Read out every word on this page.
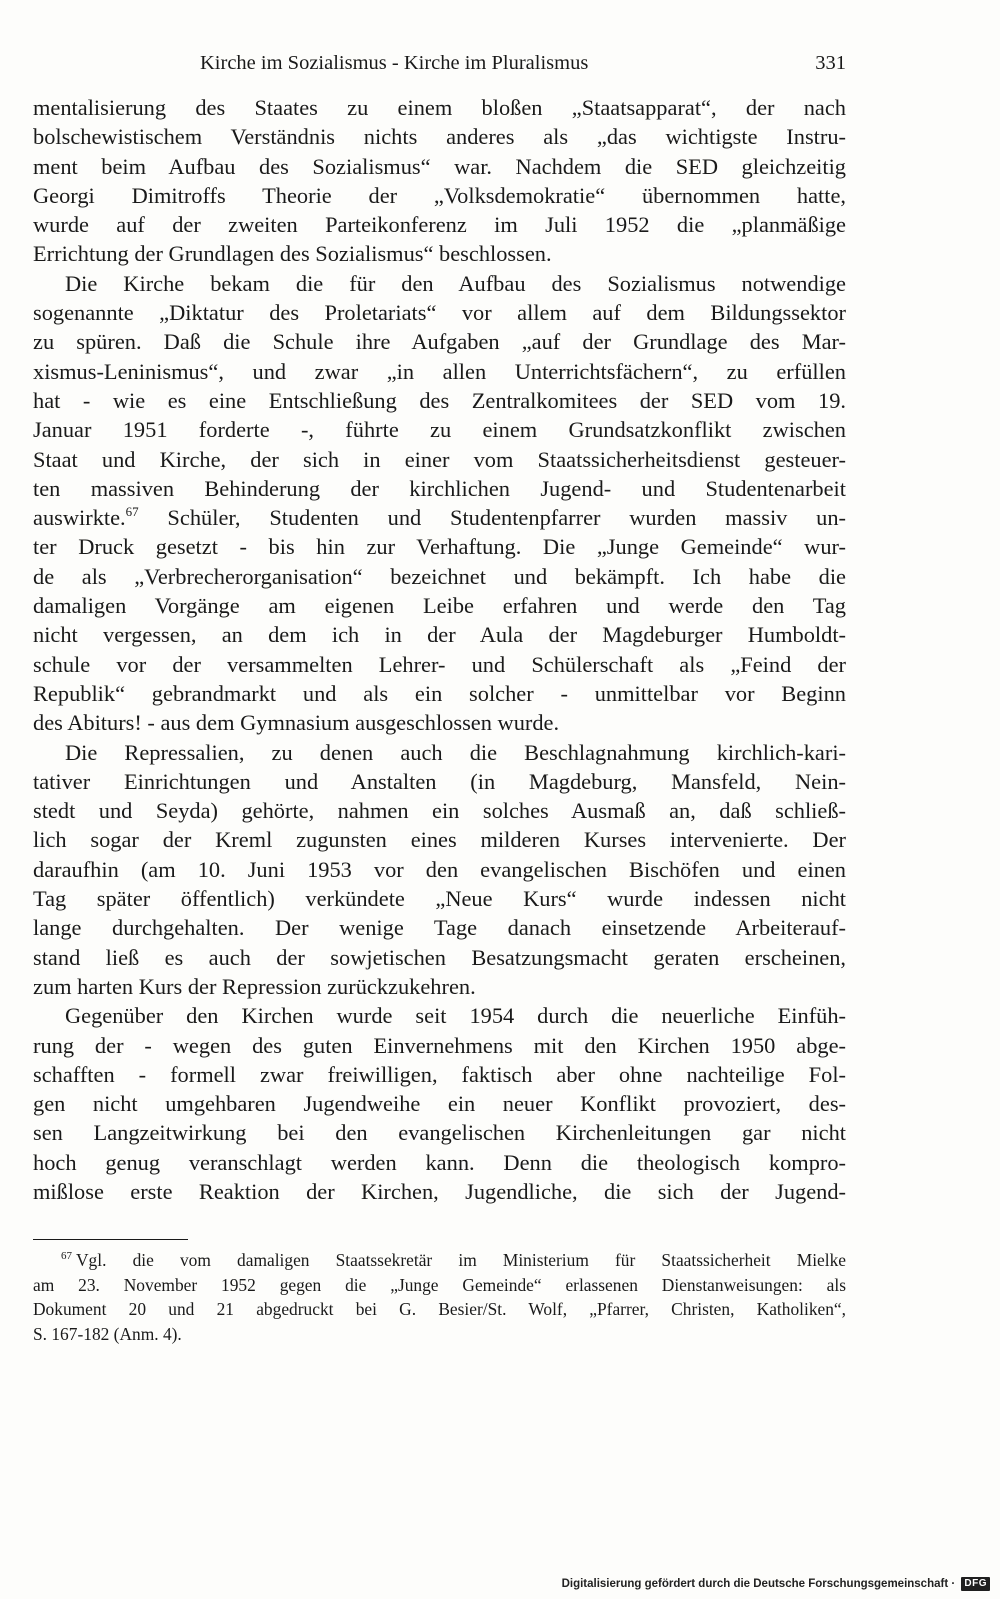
Kirche im Sozialismus - Kirche im Pluralismus	331
mentalisierung des Staates zu einem bloßen „Staatsapparat“, der nach
bolschewistischem Verständnis nichts anderes als „das wichtigste Instru-
ment beim Aufbau des Sozialismus“ war. Nachdem die SED gleichzeitig
Georgi Dimitroffs Theorie der „Volksdemokratie“ übernommen hatte,
wurde auf der zweiten Parteikonferenz im Juli 1952 die „planmäßige
Errichtung der Grundlagen des Sozialismus“ beschlossen.
Die Kirche bekam die für den Aufbau des Sozialismus notwendige
sogenannte „Diktatur des Proletariats“ vor allem auf dem Bildungssektor
zu spüren. Daß die Schule ihre Aufgaben „auf der Grundlage des Mar-
xismus-Leninismus“, und zwar „in allen Unterrichtsfächern“, zu erfüllen
hat - wie es eine Entschließung des Zentralkomitees der SED vom 19.
Januar 1951 forderte -, führte zu einem Grundsatzkonflikt zwischen
Staat und Kirche, der sich in einer vom Staatssicherheitsdienst gesteuer-
ten massiven Behinderung der kirchlichen Jugend- und Studentenarbeit
auswirkte.$^{67}$ Schüler, Studenten und Studentenpfarrer wurden massiv un-
ter Druck gesetzt - bis hin zur Verhaftung. Die „Junge Gemeinde“ wur-
de als „Verbrecherorganisation“ bezeichnet und bekämpft. Ich habe die
damaligen Vorgänge am eigenen Leibe erfahren und werde den Tag
nicht vergessen, an dem ich in der Aula der Magdeburger Humboldt-
schule vor der versammelten Lehrer- und Schülerschaft als „Feind der
Republik“ gebrandmarkt und als ein solcher - unmittelbar vor Beginn
des Abiturs! - aus dem Gymnasium ausgeschlossen wurde.
Die Repressalien, zu denen auch die Beschlagnahmung kirchlich-kari-
tativer Einrichtungen und Anstalten (in Magdeburg, Mansfeld, Nein-
stedt und Seyda) gehörte, nahmen ein solches Ausmaß an, daß schließ-
lich sogar der Kreml zugunsten eines milderen Kurses intervenierte. Der
daraufhin (am 10. Juni 1953 vor den evangelischen Bischöfen und einen
Tag später öffentlich) verkündete „Neue Kurs“ wurde indessen nicht
lange durchgehalten. Der wenige Tage danach einsetzende Arbeiterauf-
stand ließ es auch der sowjetischen Besatzungsmacht geraten erscheinen,
zum harten Kurs der Repression zurückzukehren.
Gegenüber den Kirchen wurde seit 1954 durch die neuerliche Einfüh-
rung der - wegen des guten Einvernehmens mit den Kirchen 1950 abge-
schafften - formell zwar freiwilligen, faktisch aber ohne nachteilige Fol-
gen nicht umgehbaren Jugendweihe ein neuer Konflikt provoziert, des-
sen Langzeitwirkung bei den evangelischen Kirchenleitungen gar nicht
hoch genug veranschlagt werden kann. Denn die theologisch kompro-
mißlose erste Reaktion der Kirchen, Jugendliche, die sich der Jugend-
$^{67}$ Vgl. die vom damaligen Staatssekretär im Ministerium für Staatssicherheit Mielke
am 23. November 1952 gegen die „Junge Gemeinde“ erlassenen Dienstanweisungen: als
Dokument 20 und 21 abgedruckt bei G. Besier/St. Wolf, „Pfarrer, Christen, Katholiken“,
S. 167-182 (Anm. 4).
Digitalisierung gefördert durch die Deutsche Forschungsgemeinschaft · DFG
